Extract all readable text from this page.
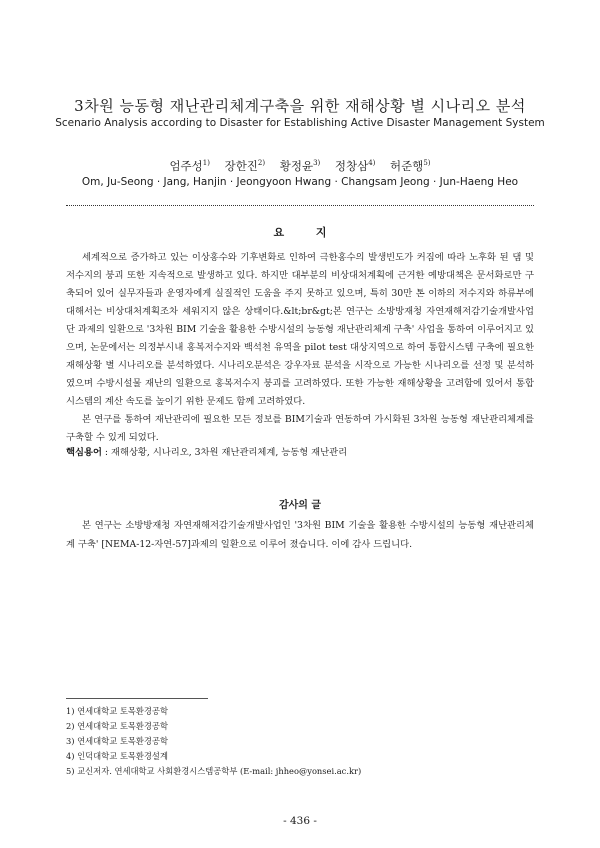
3차원 능동형 재난관리체계구축을 위한 재해상황 별 시나리오 분석
Scenario Analysis according to Disaster for Establishing Active Disaster Management System
엄주성$^{1)}$ 장한진$^{2)}$ 황정윤$^{3)}$ 정창삼$^{4)}$ 허준행$^{5)}$
Om, Ju-Seong · Jang, Hanjin · Jeongyoon Hwang · Changsam Jeong · Jun-Haeng Heo
요 지

세계적으로 증가하고 있는 이상홍수와 기후변화로 인하여 극한홍수의 발생빈도가 커짐에 따라 노후화 된 댐 및 저수지의 붕괴 또한 지속적으로 발생하고 있다. 하지만 대부분의 비상대처계획에 근거한 예방대책은 문서화로만 구축되어 있어 실무자들과 운영자에게 실질적인 도움을 주지 못하고 있으며, 특히 30만 톤 이하의 저수지와 하류부에 대해서는 비상대처계획조차 세워지지 않은 상태이다.&lt;br&gt;본 연구는 소방방재청 자연재해저감기술개발사업단 과제의 일환으로 '3차원 BIM 기술을 활용한 수방시설의 능동형 재난관리체계 구축' 사업을 통하여 이루어지고 있으며, 논문에서는 의정부시내 홍복저수지와 백석천 유역을 pilot test 대상지역으로 하여 통합시스템 구축에 필요한 재해상황 별 시나리오를 분석하였다. 시나리오분석은 강우자료 분석을 시작으로 가능한 시나리오를 선정 및 분석하였으며 수방시설물 재난의 일환으로 홍복저수지 붕괴를 고려하였다. 또한 가능한 재해상황을 고려함에 있어서 통합시스템의 계산 속도를 높이기 위한 문제도 함께 고려하였다.

본 연구를 통하여 재난관리에 필요한 모든 정보를 BIM기술과 연동하여 가시화된 3차원 능동형 재난관리체계를 구축할 수 있게 되었다.

핵심용어 : 재해상황, 시나리오, 3차원 재난관리체계, 능동형 재난관리
감사의 글

본 연구는 소방방재청 자연재해저감기술개발사업인 '3차원 BIM 기술을 활용한 수방시설의 능동형 재난관리체계 구축' [NEMA-12-자연-57]과제의 일환으로 이루어 졌습니다. 이에 감사 드립니다.

1) 연세대학교 토목환경공학
2) 연세대학교 토목환경공학
3) 연세대학교 토목환경공학
4) 인덕대학교 토목환경설계
5) 교신저자. 연세대학교 사회환경시스템공학부 (E-mail: jhheo@yonsei.ac.kr)
- 436 -
